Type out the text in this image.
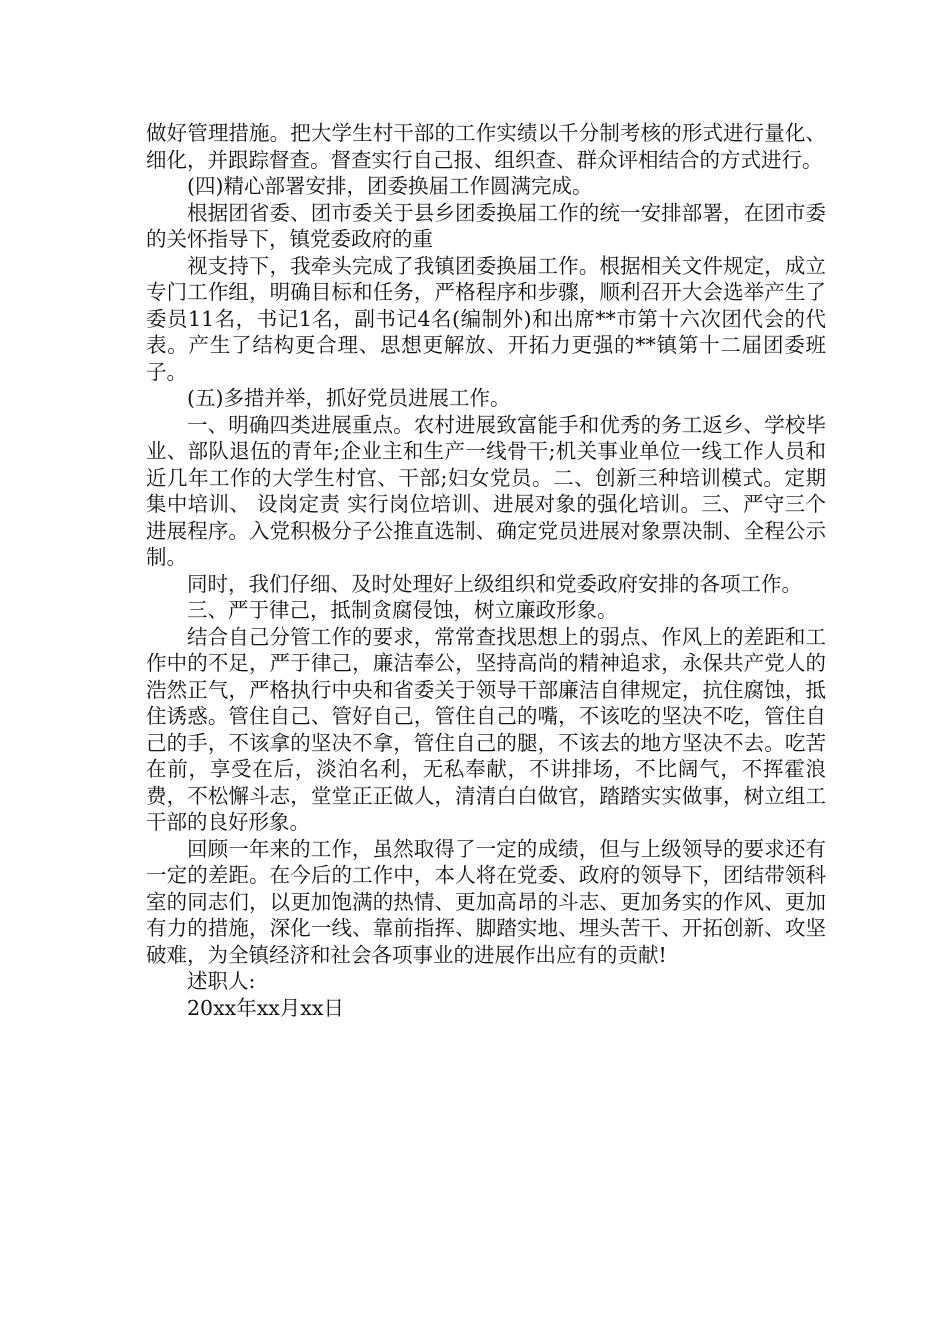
做好管理措施。把大学生村干部的工作实绩以千分制考核的形式进行量化、细化，并跟踪督查。督查实行自己报、组织查、群众评相结合的方式进行。

(四)精心部署安排，团委换届工作圆满完成。

根据团省委、团市委关于县乡团委换届工作的统一安排部署，在团市委的关怀指导下，镇党委政府的重

视支持下，我牵头完成了我镇团委换届工作。根据相关文件规定，成立专门工作组，明确目标和任务，严格程序和步骤，顺利召开大会选举产生了委员11名，书记1名，副书记4名(编制外)和出席**市第十六次团代会的代表。产生了结构更合理、思想更解放、开拓力更强的**镇第十二届团委班子。

(五)多措并举，抓好党员进展工作。

一、明确四类进展重点。农村进展致富能手和优秀的务工返乡、学校毕业、部队退伍的青年;企业主和生产一线骨干;机关事业单位一线工作人员和近几年工作的大学生村官、干部;妇女党员。二、创新三种培训模式。定期集中培训、 设岗定责 实行岗位培训、进展对象的强化培训。三、严守三个进展程序。入党积极分子公推直选制、确定党员进展对象票决制、全程公示制。

同时，我们仔细、及时处理好上级组织和党委政府安排的各项工作。

三、严于律己，抵制贪腐侵蚀，树立廉政形象。

结合自己分管工作的要求，常常查找思想上的弱点、作风上的差距和工作中的不足，严于律己，廉洁奉公，坚持高尚的精神追求，永保共产党人的浩然正气，严格执行中央和省委关于领导干部廉洁自律规定，抗住腐蚀，抵住诱惑。管住自己、管好自己，管住自己的嘴，不该吃的坚决不吃，管住自己的手，不该拿的坚决不拿，管住自己的腿，不该去的地方坚决不去。吃苦在前，享受在后，淡泊名利，无私奉献，不讲排场，不比阔气，不挥霍浪费，不松懈斗志，堂堂正正做人，清清白白做官，踏踏实实做事，树立组工干部的良好形象。

回顾一年来的工作，虽然取得了一定的成绩，但与上级领导的要求还有一定的差距。在今后的工作中，本人将在党委、政府的领导下，团结带领科室的同志们，以更加饱满的热情、更加高昂的斗志、更加务实的作风、更加有力的措施，深化一线、靠前指挥、脚踏实地、埋头苦干、开拓创新、攻坚破难，为全镇经济和社会各项事业的进展作出应有的贡献!

述职人:

20xx年xx月xx日
